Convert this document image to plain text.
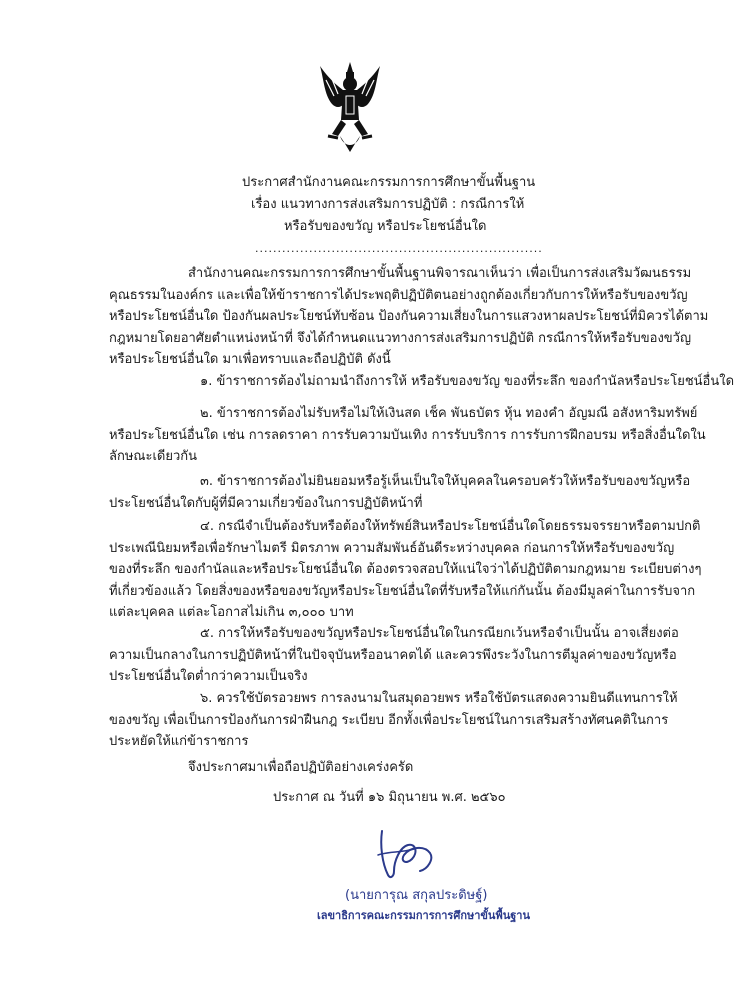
ประกาศสำนักงานคณะกรรมการการศึกษาขั้นพื้นฐาน
เรื่อง แนวทางการส่งเสริมการปฏิบัติ : กรณีการให้
หรือรับของขวัญ หรือประโยชน์อื่นใด
................................................................
สำนักงานคณะกรรมการการศึกษาขั้นพื้นฐานพิจารณาเห็นว่า เพื่อเป็นการส่งเสริมวัฒนธรรม
คุณธรรมในองค์กร และเพื่อให้ข้าราชการได้ประพฤติปฏิบัติตนอย่างถูกต้องเกี่ยวกับการให้หรือรับของขวัญ
หรือประโยชน์อื่นใด ป้องกันผลประโยชน์ทับซ้อน ป้องกันความเสี่ยงในการแสวงหาผลประโยชน์ที่มิควรได้ตาม
กฎหมายโดยอาศัยตำแหน่งหน้าที่ จึงได้กำหนดแนวทางการส่งเสริมการปฏิบัติ กรณีการให้หรือรับของขวัญ
หรือประโยชน์อื่นใด มาเพื่อทราบและถือปฏิบัติ ดังนี้
๑. ข้าราชการต้องไม่ถามนำถึงการให้ หรือรับของขวัญ ของที่ระลึก ของกำนัลหรือประโยชน์อื่นใด
๒. ข้าราชการต้องไม่รับหรือไม่ให้เงินสด เช็ค พันธบัตร หุ้น ทองคำ อัญมณี อสังหาริมทรัพย์
หรือประโยชน์อื่นใด เช่น การลดราคา การรับความบันเทิง การรับบริการ การรับการฝึกอบรม หรือสิ่งอื่นใดใน
ลักษณะเดียวกัน
๓. ข้าราชการต้องไม่ยินยอมหรือรู้เห็นเป็นใจให้บุคคลในครอบครัวให้หรือรับของขวัญหรือ
ประโยชน์อื่นใดกับผู้ที่มีความเกี่ยวข้องในการปฏิบัติหน้าที่
๔. กรณีจำเป็นต้องรับหรือต้องให้ทรัพย์สินหรือประโยชน์อื่นใดโดยธรรมจรรยาหรือตามปกติ
ประเพณีนิยมหรือเพื่อรักษาไมตรี มิตรภาพ ความสัมพันธ์อันดีระหว่างบุคคล ก่อนการให้หรือรับของขวัญ
ของที่ระลึก ของกำนัลและหรือประโยชน์อื่นใด ต้องตรวจสอบให้แน่ใจว่าได้ปฏิบัติตามกฎหมาย ระเบียบต่างๆ
ที่เกี่ยวข้องแล้ว โดยสิ่งของหรือของขวัญหรือประโยชน์อื่นใดที่รับหรือให้แก่กันนั้น ต้องมีมูลค่าในการรับจาก
แต่ละบุคคล แต่ละโอกาสไม่เกิน ๓,๐๐๐ บาท
๕. การให้หรือรับของขวัญหรือประโยชน์อื่นใดในกรณียกเว้นหรือจำเป็นนั้น อาจเสี่ยงต่อ
ความเป็นกลางในการปฏิบัติหน้าที่ในปัจจุบันหรืออนาคตได้ และควรพึงระวังในการตีมูลค่าของขวัญหรือ
ประโยชน์อื่นใดต่ำกว่าความเป็นจริง
๖. ควรใช้บัตรอวยพร การลงนามในสมุดอวยพร หรือใช้บัตรแสดงความยินดีแทนการให้
ของขวัญ เพื่อเป็นการป้องกันการฝ่าฝืนกฎ ระเบียบ อีกทั้งเพื่อประโยชน์ในการเสริมสร้างทัศนคติในการ
ประหยัดให้แก่ข้าราชการ
จึงประกาศมาเพื่อถือปฏิบัติอย่างเคร่งครัด
ประกาศ ณ วันที่ ๑๖ มิถุนายน พ.ศ. ๒๕๖๐
(นายการุณ สกุลประดิษฐ์)
เลขาธิการคณะกรรมการการศึกษาขั้นพื้นฐาน
